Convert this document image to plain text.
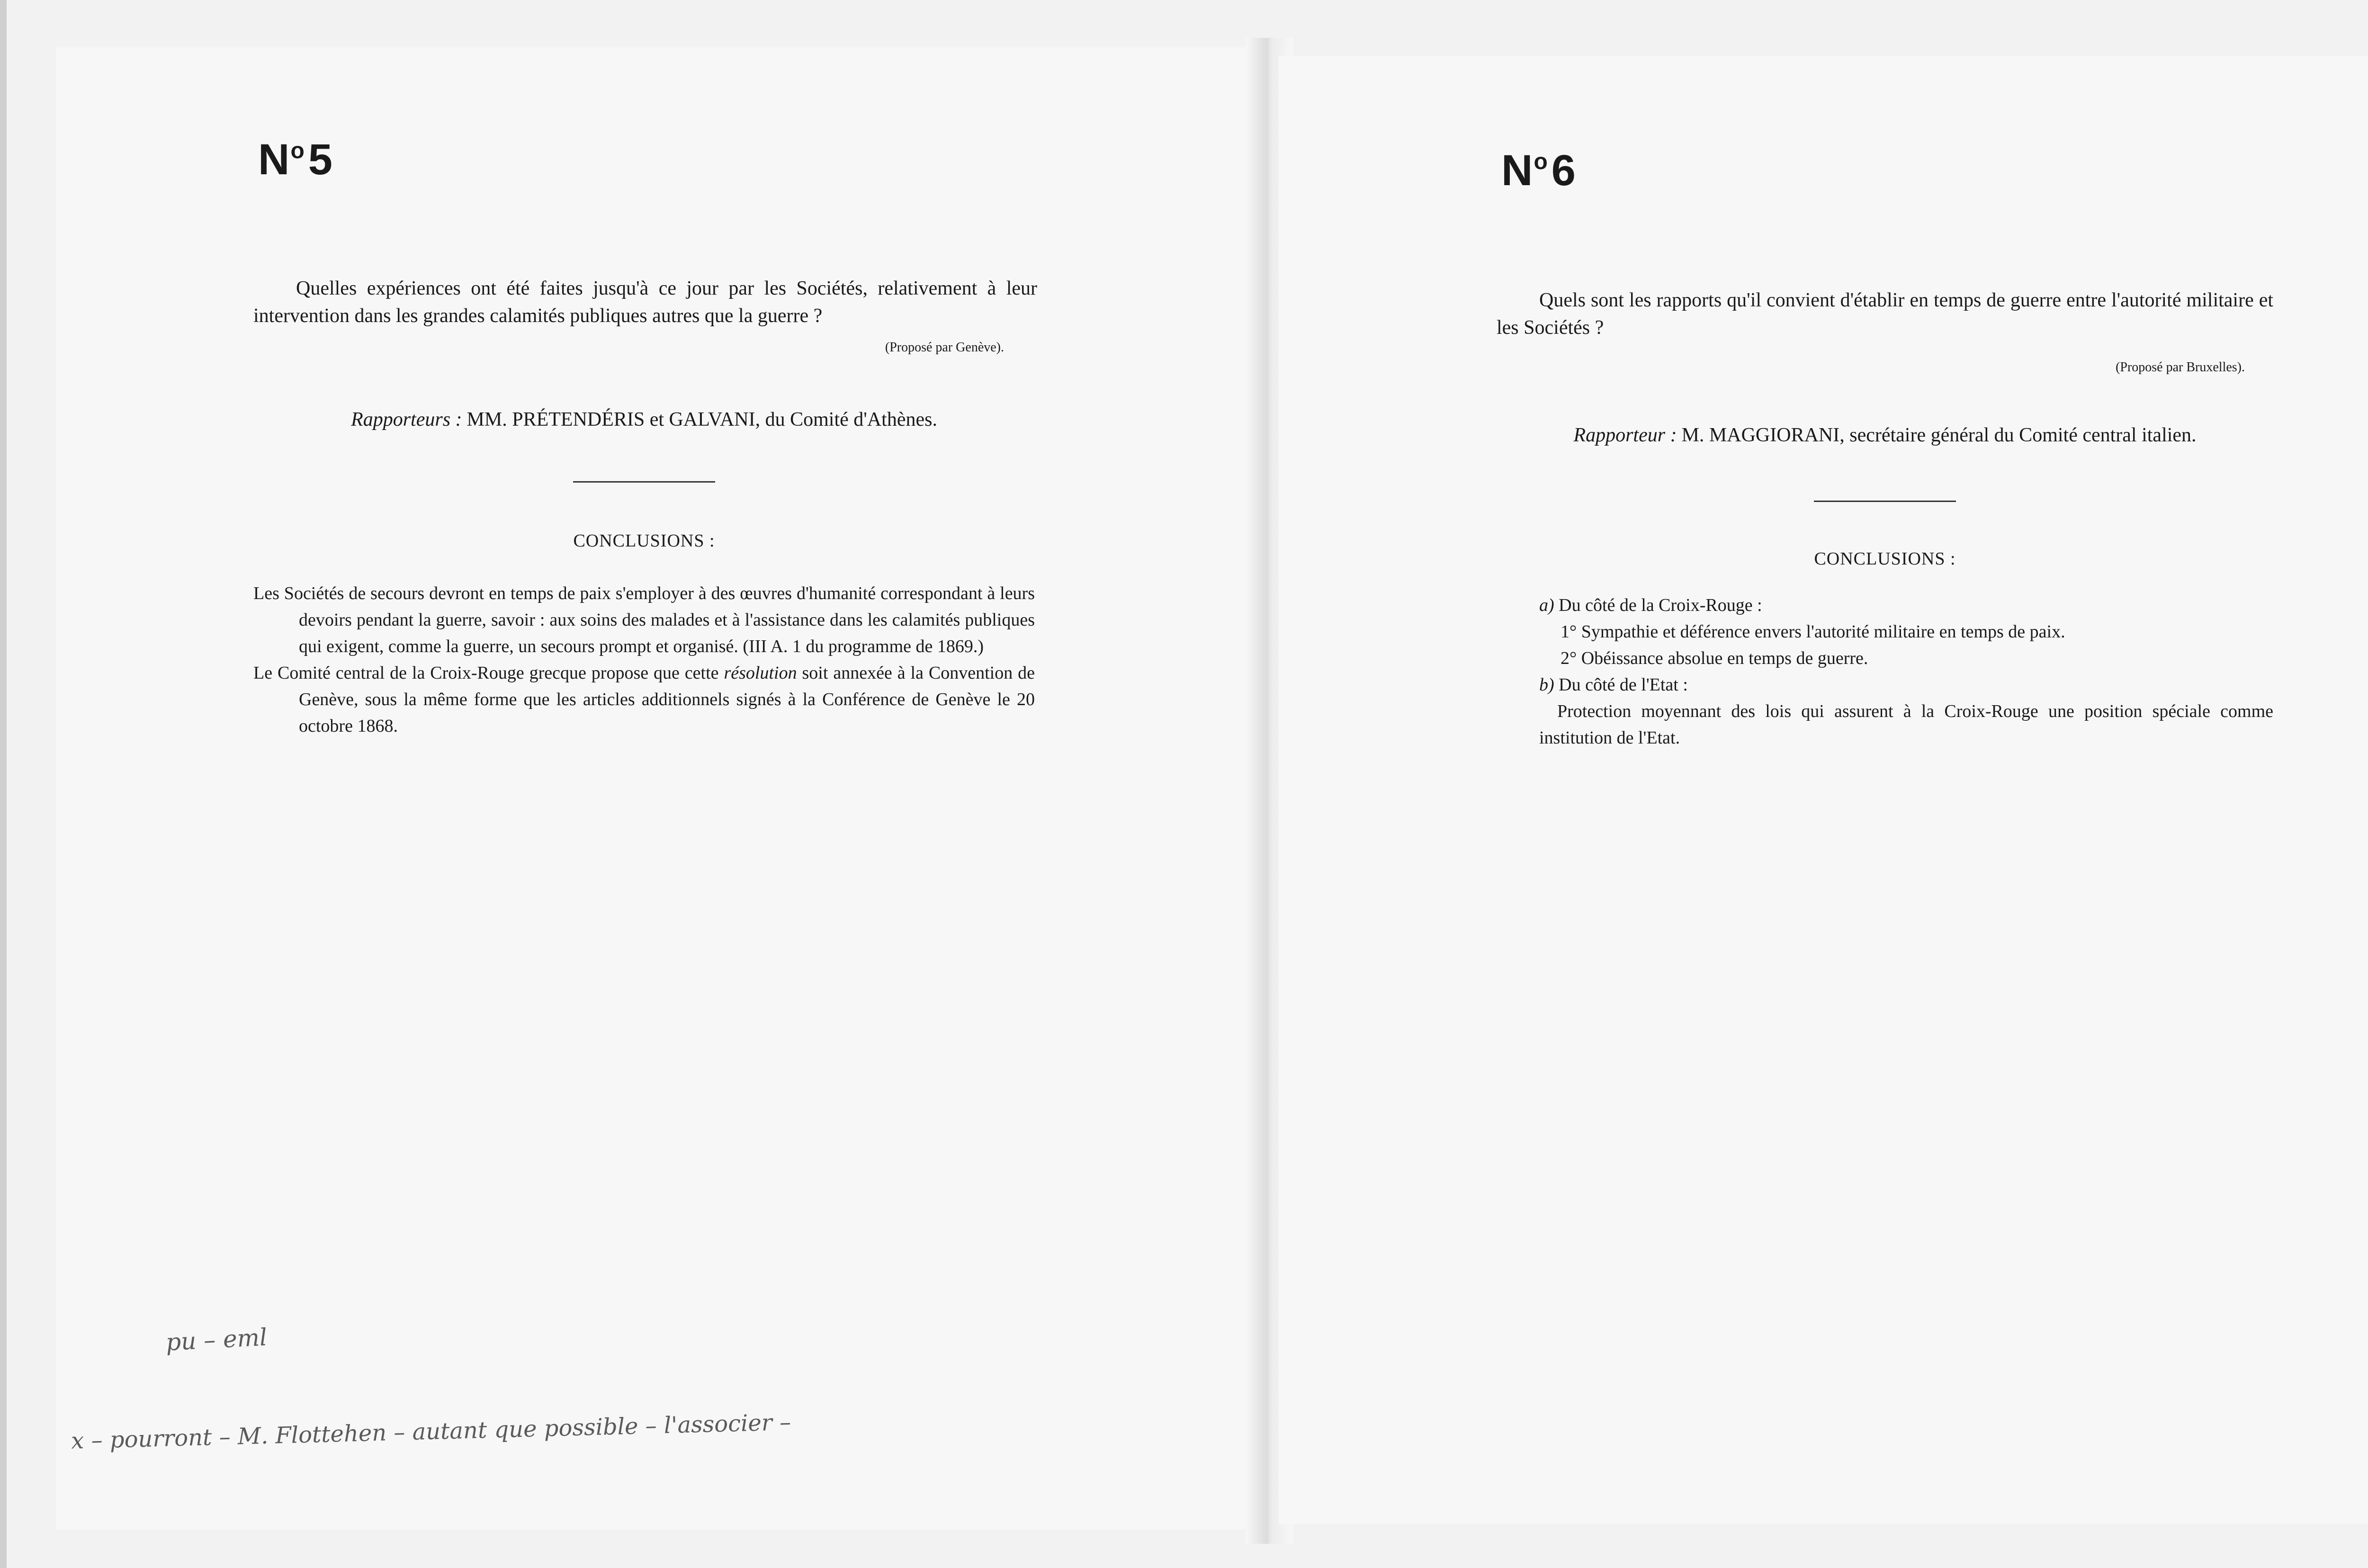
$N^o5$
Quelles expériences ont été faites jusqu'à ce jour par les Sociétés, relativement à leur intervention dans les grandes calamités publiques autres que la guerre ?
(Proposé par Genève).
Rapporteurs : MM. PRÉTENDÉRIS et GALVANI, du Comité d'Athènes.
CONCLUSIONS :

Les Sociétés de secours devront en temps de paix s'employer à des œuvres d'humanité correspondant à leurs devoirs pendant la guerre, savoir : aux soins des malades et à l'assistance dans les calamités publiques qui exigent, comme la guerre, un secours prompt et organisé. (III A. 1 du programme de 1869.)

Le Comité central de la Croix-Rouge grecque propose que cette résolution soit annexée à la Convention de Genève, sous la même forme que les articles additionnels signés à la Conférence de Genève le 20 octobre 1868.

pu – eml
x – pourront – M. Flottehen – autant que possible – l'associer –
$N^o6$
Quels sont les rapports qu'il convient d'établir en temps de guerre entre l'autorité militaire et les Sociétés ?
(Proposé par Bruxelles).
Rapporteur : M. MAGGIORANI, secrétaire général du Comité central italien.
CONCLUSIONS :

a) Du côté de la Croix-Rouge :

1° Sympathie et déférence envers l'autorité militaire en temps de paix.

2° Obéissance absolue en temps de guerre.

b) Du côté de l'Etat :

Protection moyennant des lois qui assurent à la Croix-Rouge une position spéciale comme institution de l'Etat.
